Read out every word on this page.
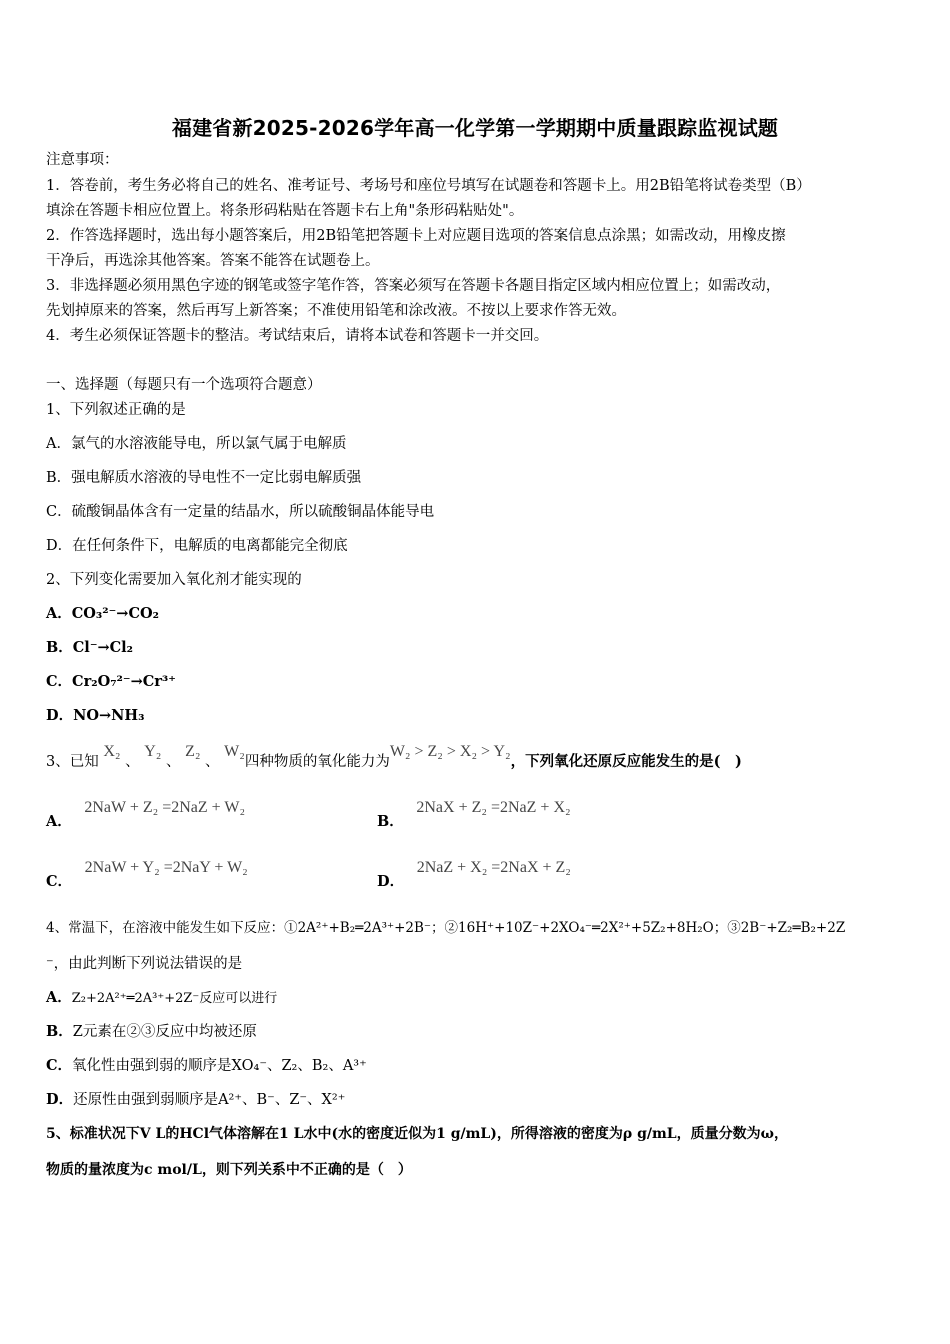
福建省新2025-2026学年高一化学第一学期期中质量跟踪监视试题
注意事项：
1．答卷前，考生务必将自己的姓名、准考证号、考场号和座位号填写在试题卷和答题卡上。用2B铅笔将试卷类型（B）
填涂在答题卡相应位置上。将条形码粘贴在答题卡右上角"条形码粘贴处"。
2．作答选择题时，选出每小题答案后，用2B铅笔把答题卡上对应题目选项的答案信息点涂黑；如需改动，用橡皮擦
干净后，再选涂其他答案。答案不能答在试题卷上。
3．非选择题必须用黑色字迹的钢笔或签字笔作答，答案必须写在答题卡各题目指定区域内相应位置上；如需改动，
先划掉原来的答案，然后再写上新答案；不准使用铅笔和涂改液。不按以上要求作答无效。
4．考生必须保证答题卡的整洁。考试结束后，请将本试卷和答题卡一并交回。
一、选择题（每题只有一个选项符合题意）
1、下列叙述正确的是
A．氯气的水溶液能导电，所以氯气属于电解质
B．强电解质水溶液的导电性不一定比弱电解质强
C．硫酸铜晶体含有一定量的结晶水，所以硫酸铜晶体能导电
D．在任何条件下，电解质的电离都能完全彻底
2、下列变化需要加入氧化剂才能实现的
A．CO₃²⁻→CO₂
B．Cl⁻→Cl₂
C．Cr₂O₇²⁻→Cr³⁺
D．NO→NH₃
3、已知 X₂ 、 Y₂ 、 Z₂ 、 W₂四种物质的氧化能力为W₂ > Z₂ > X₂ > Y₂，下列氧化还原反应能发生的是(　)
A． 2NaW + Z₂ =2NaZ + W₂
B． 2NaX + Z₂ =2NaZ + X₂
C． 2NaW + Y₂ =2NaY + W₂
D． 2NaZ + X₂ =2NaX + Z₂
4、常温下，在溶液中能发生如下反应：①2A²⁺+B₂═2A³⁺+2B⁻；②16H⁺+10Z⁻+2XO₄⁻═2X²⁺+5Z₂+8H₂O；③2B⁻+Z₂═B₂+2Z
⁻，由此判断下列说法错误的是
A．Z₂+2A²⁺═2A³⁺+2Z⁻反应可以进行
B．Z元素在②③反应中均被还原
C．氧化性由强到弱的顺序是XO₄⁻、Z₂、B₂、A³⁺
D．还原性由强到弱顺序是A²⁺、B⁻、Z⁻、X²⁺
5、标准状况下V L的HCl气体溶解在1 L水中(水的密度近似为1 g/mL)，所得溶液的密度为ρ g/mL，质量分数为ω，
物质的量浓度为c mol/L，则下列关系中不正确的是（　）
